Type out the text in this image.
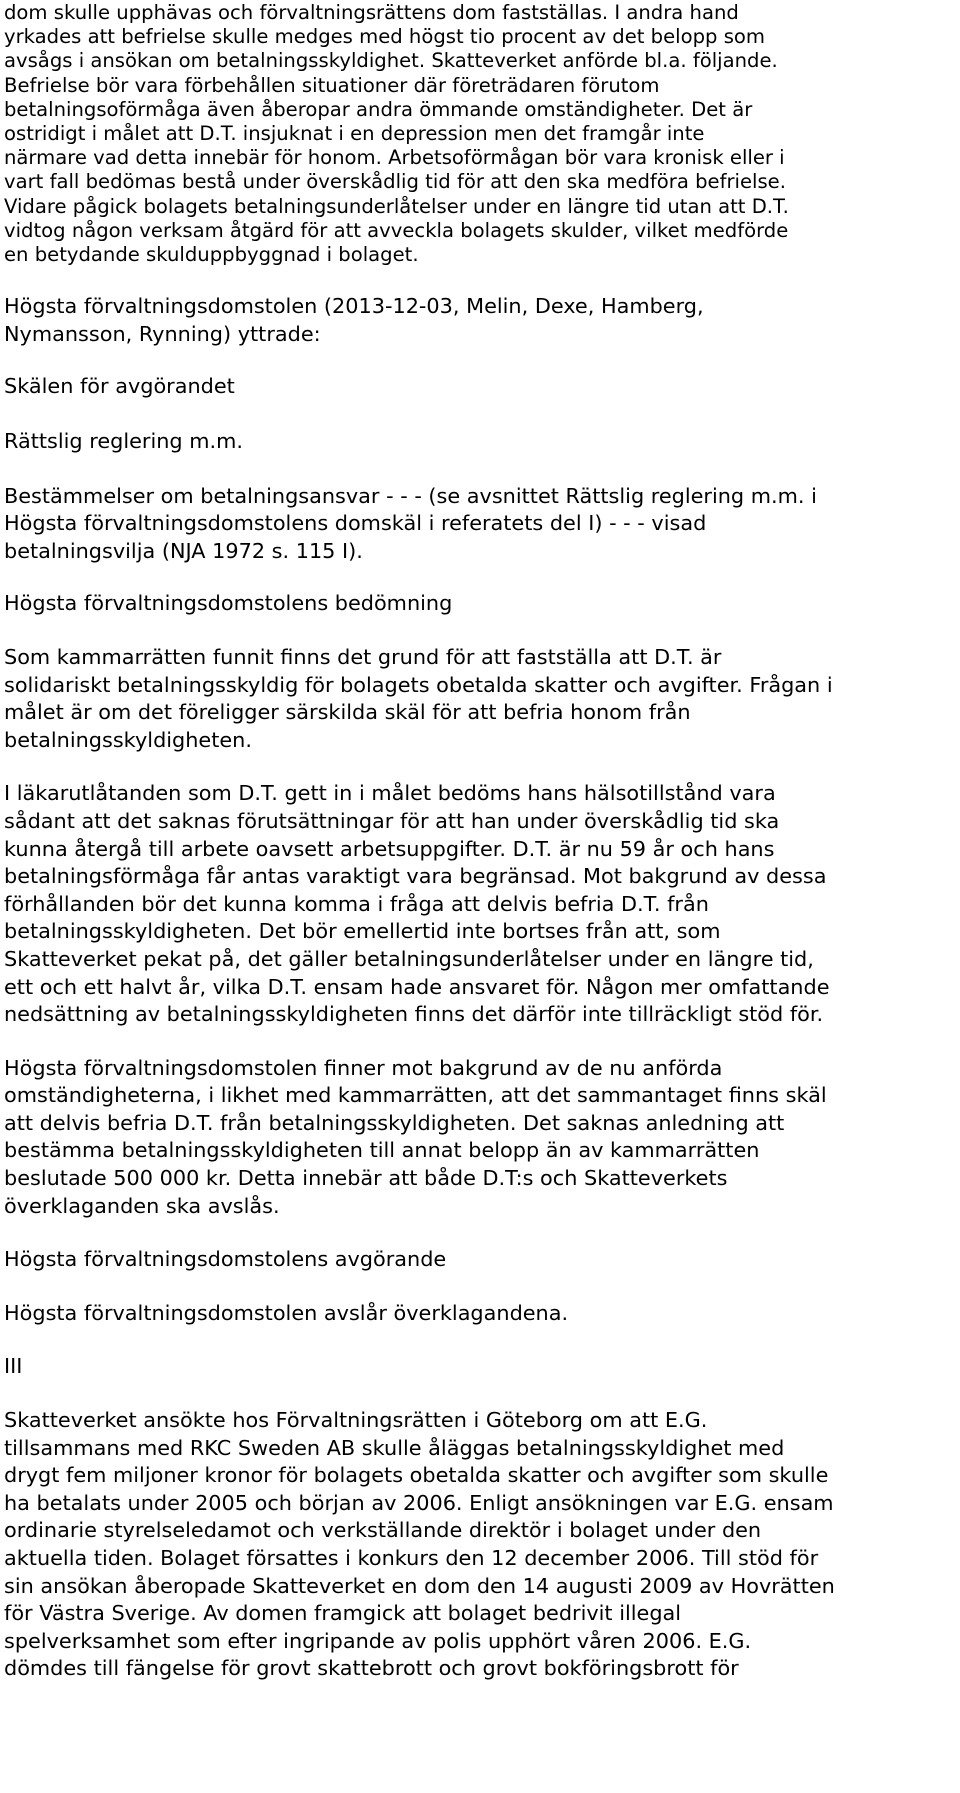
dom skulle upphävas och förvaltningsrättens dom fastställas. I andra hand
yrkades att befrielse skulle medges med högst tio procent av det belopp som
avsågs i ansökan om betalningsskyldighet. Skatteverket anförde bl.a. följande.
Befrielse bör vara förbehållen situationer där företrädaren förutom
betalningsoförmåga även åberopar andra ömmande omständigheter. Det är
ostridigt i målet att D.T. insjuknat i en depression men det framgår inte
närmare vad detta innebär för honom. Arbetsoförmågan bör vara kronisk eller i
vart fall bedömas bestå under överskådlig tid för att den ska medföra befrielse.
Vidare pågick bolagets betalningsunderlåtelser under en längre tid utan att D.T.
vidtog någon verksam åtgärd för att avveckla bolagets skulder, vilket medförde
en betydande skulduppbyggnad i bolaget.
Högsta förvaltningsdomstolen (2013-12-03, Melin, Dexe, Hamberg,
Nymansson, Rynning) yttrade:
Skälen för avgörandet
Rättslig reglering m.m.
Bestämmelser om betalningsansvar - - - (se avsnittet Rättslig reglering m.m. i
Högsta förvaltningsdomstolens domskäl i referatets del I) - - - visad
betalningsvilja (NJA 1972 s. 115 I).
Högsta förvaltningsdomstolens bedömning
Som kammarrätten funnit finns det grund för att fastställa att D.T. är
solidariskt betalningsskyldig för bolagets obetalda skatter och avgifter. Frågan i
målet är om det föreligger särskilda skäl för att befria honom från
betalningsskyldigheten.
I läkarutlåtanden som D.T. gett in i målet bedöms hans hälsotillstånd vara
sådant att det saknas förutsättningar för att han under överskådlig tid ska
kunna återgå till arbete oavsett arbetsuppgifter. D.T. är nu 59 år och hans
betalningsförmåga får antas varaktigt vara begränsad. Mot bakgrund av dessa
förhållanden bör det kunna komma i fråga att delvis befria D.T. från
betalningsskyldigheten. Det bör emellertid inte bortses från att, som
Skatteverket pekat på, det gäller betalningsunderlåtelser under en längre tid,
ett och ett halvt år, vilka D.T. ensam hade ansvaret för. Någon mer omfattande
nedsättning av betalningsskyldigheten finns det därför inte tillräckligt stöd för.
Högsta förvaltningsdomstolen finner mot bakgrund av de nu anförda
omständigheterna, i likhet med kammarrätten, att det sammantaget finns skäl
att delvis befria D.T. från betalningsskyldigheten. Det saknas anledning att
bestämma betalningsskyldigheten till annat belopp än av kammarrätten
beslutade 500 000 kr. Detta innebär att både D.T:s och Skatteverkets
överklaganden ska avslås.
Högsta förvaltningsdomstolens avgörande
Högsta förvaltningsdomstolen avslår överklagandena.
III
Skatteverket ansökte hos Förvaltningsrätten i Göteborg om att E.G.
tillsammans med RKC Sweden AB skulle åläggas betalningsskyldighet med
drygt fem miljoner kronor för bolagets obetalda skatter och avgifter som skulle
ha betalats under 2005 och början av 2006. Enligt ansökningen var E.G. ensam
ordinarie styrelseledamot och verkställande direktör i bolaget under den
aktuella tiden. Bolaget försattes i konkurs den 12 december 2006. Till stöd för
sin ansökan åberopade Skatteverket en dom den 14 augusti 2009 av Hovrätten
för Västra Sverige. Av domen framgick att bolaget bedrivit illegal
spelverksamhet som efter ingripande av polis upphört våren 2006. E.G.
dömdes till fängelse för grovt skattebrott och grovt bokföringsbrott för
